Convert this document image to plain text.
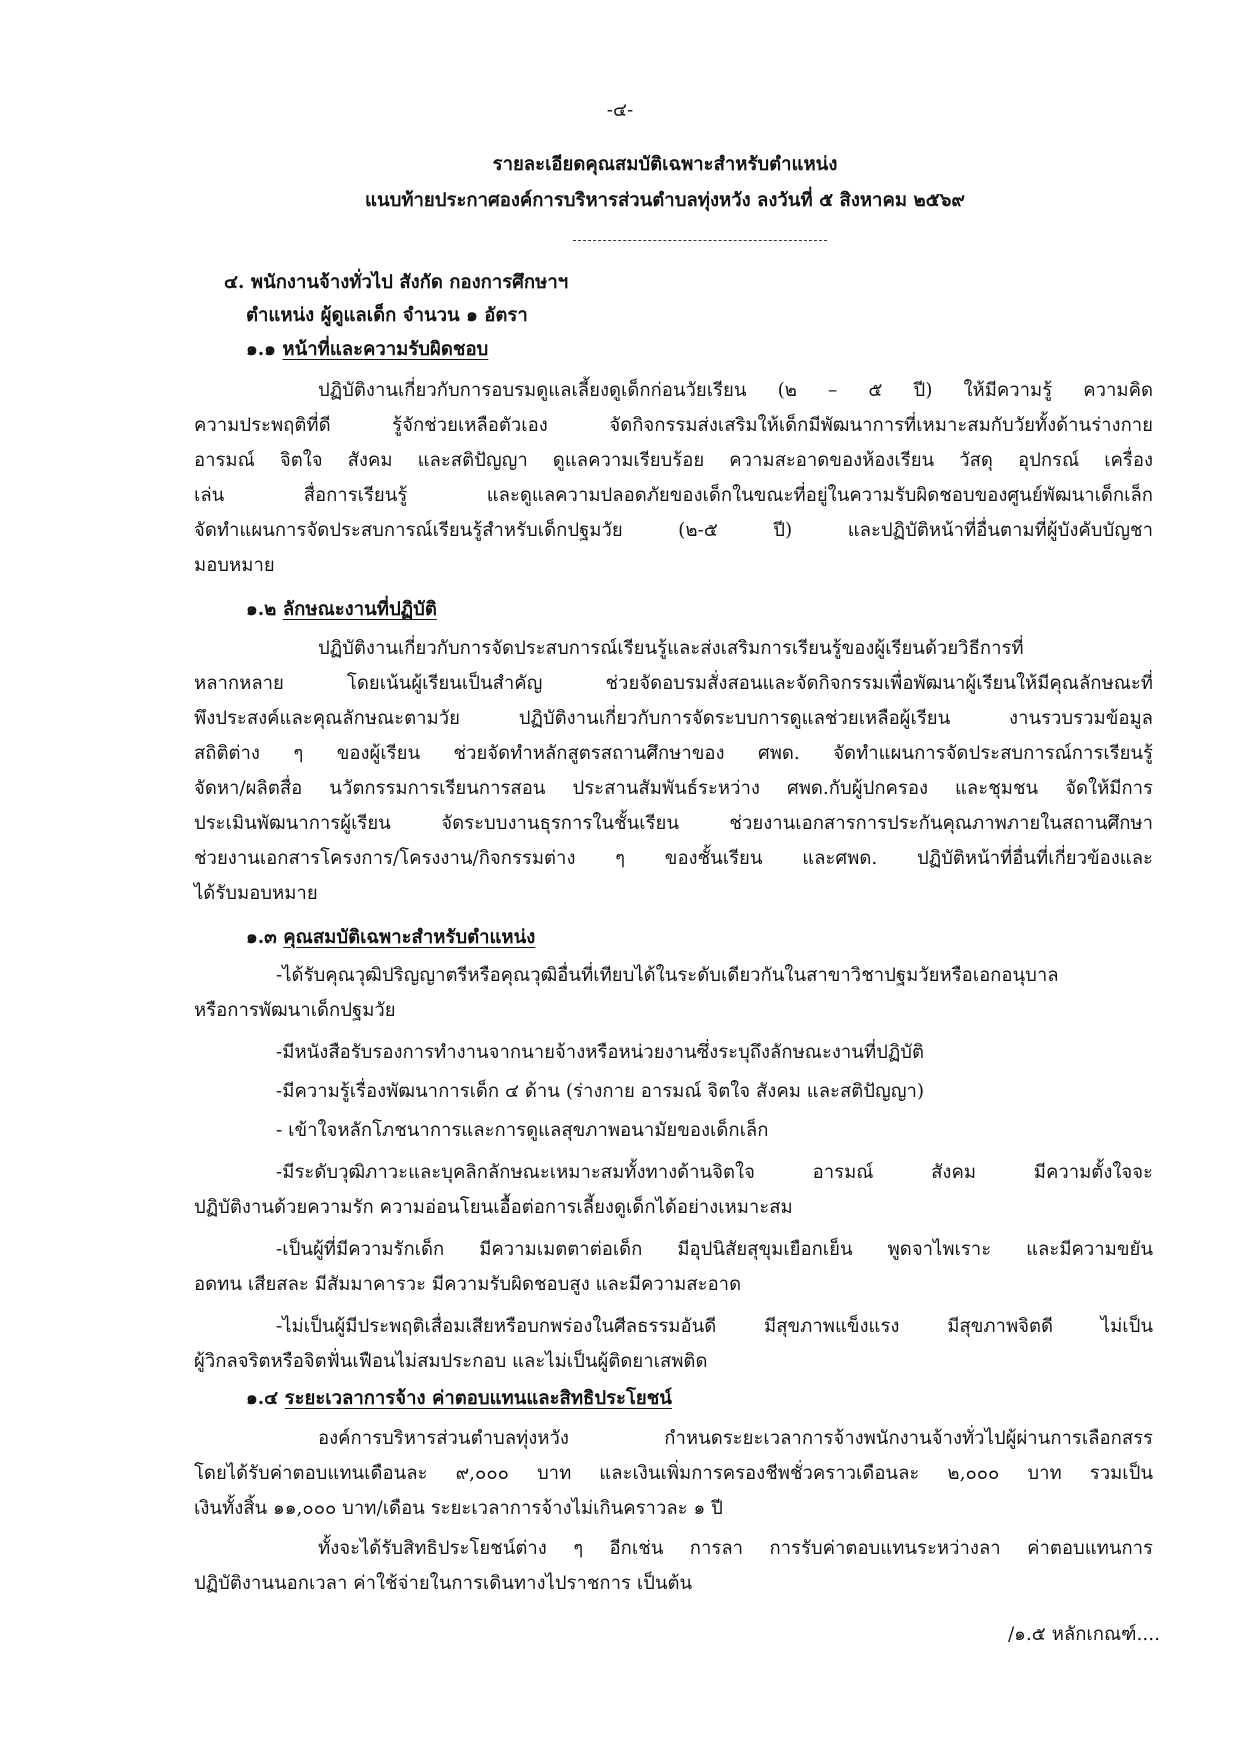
-๔-
รายละเอียดคุณสมบัติเฉพาะสำหรับตำแหน่ง
แนบท้ายประกาศองค์การบริหารส่วนตำบลทุ่งหวัง ลงวันที่ ๕ สิงหาคม ๒๕๖๙
๔. พนักงานจ้างทั่วไป สังกัด กองการศึกษาฯ
ตำแหน่ง ผู้ดูแลเด็ก จำนวน ๑ อัตรา
๑.๑ หน้าที่และความรับผิดชอบ
ปฏิบัติงานเกี่ยวกับการอบรมดูแลเลี้ยงดูเด็กก่อนวัยเรียน (๒ – ๕ ปี) ให้มีความรู้ ความคิด
ความประพฤติที่ดี รู้จักช่วยเหลือตัวเอง จัดกิจกรรมส่งเสริมให้เด็กมีพัฒนาการที่เหมาะสมกับวัยทั้งด้านร่างกาย
อารมณ์ จิตใจ สังคม และสติปัญญา ดูแลความเรียบร้อย ความสะอาดของห้องเรียน วัสดุ อุปกรณ์ เครื่อง
เล่น สื่อการเรียนรู้ และดูแลความปลอดภัยของเด็กในขณะที่อยู่ในความรับผิดชอบของศูนย์พัฒนาเด็กเล็ก
จัดทำแผนการจัดประสบการณ์เรียนรู้สำหรับเด็กปฐมวัย (๒-๕ ปี) และปฏิบัติหน้าที่อื่นตามที่ผู้บังคับบัญชา
มอบหมาย
๑.๒ ลักษณะงานที่ปฏิบัติ
ปฏิบัติงานเกี่ยวกับการจัดประสบการณ์เรียนรู้และส่งเสริมการเรียนรู้ของผู้เรียนด้วยวิธีการที่
หลากหลาย โดยเน้นผู้เรียนเป็นสำคัญ ช่วยจัดอบรมสั่งสอนและจัดกิจกรรมเพื่อพัฒนาผู้เรียนให้มีคุณลักษณะที่
พึงประสงค์และคุณลักษณะตามวัย ปฏิบัติงานเกี่ยวกับการจัดระบบการดูแลช่วยเหลือผู้เรียน งานรวบรวมข้อมูล
สถิติต่าง ๆ ของผู้เรียน ช่วยจัดทำหลักสูตรสถานศึกษาของ ศพด. จัดทำแผนการจัดประสบการณ์การเรียนรู้
จัดหา/ผลิตสื่อ นวัตกรรมการเรียนการสอน ประสานสัมพันธ์ระหว่าง ศพด.กับผู้ปกครอง และชุมชน จัดให้มีการ
ประเมินพัฒนาการผู้เรียน จัดระบบงานธุรการในชั้นเรียน ช่วยงานเอกสารการประกันคุณภาพภายในสถานศึกษา
ช่วยงานเอกสารโครงการ/โครงงาน/กิจกรรมต่าง ๆ ของชั้นเรียน และศพด. ปฏิบัติหน้าที่อื่นที่เกี่ยวข้องและ
ได้รับมอบหมาย
๑.๓ คุณสมบัติเฉพาะสำหรับตำแหน่ง
-ได้รับคุณวุฒิปริญญาตรีหรือคุณวุฒิอื่นที่เทียบได้ในระดับเดียวกันในสาขาวิชาปฐมวัยหรือเอกอนุบาล
หรือการพัฒนาเด็กปฐมวัย
-มีหนังสือรับรองการทำงานจากนายจ้างหรือหน่วยงานซึ่งระบุถึงลักษณะงานที่ปฏิบัติ
-มีความรู้เรื่องพัฒนาการเด็ก ๔ ด้าน (ร่างกาย อารมณ์ จิตใจ สังคม และสติปัญญา)
- เข้าใจหลักโภชนาการและการดูแลสุขภาพอนามัยของเด็กเล็ก
-มีระดับวุฒิภาวะและบุคลิกลักษณะเหมาะสมทั้งทางด้านจิตใจ อารมณ์ สังคม มีความตั้งใจจะ
ปฏิบัติงานด้วยความรัก ความอ่อนโยนเอื้อต่อการเลี้ยงดูเด็กได้อย่างเหมาะสม
-เป็นผู้ที่มีความรักเด็ก มีความเมตตาต่อเด็ก มีอุปนิสัยสุขุมเยือกเย็น พูดจาไพเราะ และมีความขยัน
อดทน เสียสละ มีสัมมาคารวะ มีความรับผิดชอบสูง และมีความสะอาด
-ไม่เป็นผู้มีประพฤติเสื่อมเสียหรือบกพร่องในศีลธรรมอันดี มีสุขภาพแข็งแรง มีสุขภาพจิตดี ไม่เป็น
ผู้วิกลจริตหรือจิตฟั่นเฟือนไม่สมประกอบ และไม่เป็นผู้ติดยาเสพติด
๑.๔ ระยะเวลาการจ้าง ค่าตอบแทนและสิทธิประโยชน์
องค์การบริหารส่วนตำบลทุ่งหวัง กำหนดระยะเวลาการจ้างพนักงานจ้างทั่วไปผู้ผ่านการเลือกสรร
โดยได้รับค่าตอบแทนเดือนละ ๙,๐๐๐ บาท และเงินเพิ่มการครองชีพชั่วคราวเดือนละ ๒,๐๐๐ บาท รวมเป็น
เงินทั้งสิ้น ๑๑,๐๐๐ บาท/เดือน ระยะเวลาการจ้างไม่เกินคราวละ ๑ ปี
ทั้งจะได้รับสิทธิประโยชน์ต่าง ๆ อีกเช่น การลา การรับค่าตอบแทนระหว่างลา ค่าตอบแทนการ
ปฏิบัติงานนอกเวลา ค่าใช้จ่ายในการเดินทางไปราชการ เป็นต้น
/๑.๕ หลักเกณฑ์....
